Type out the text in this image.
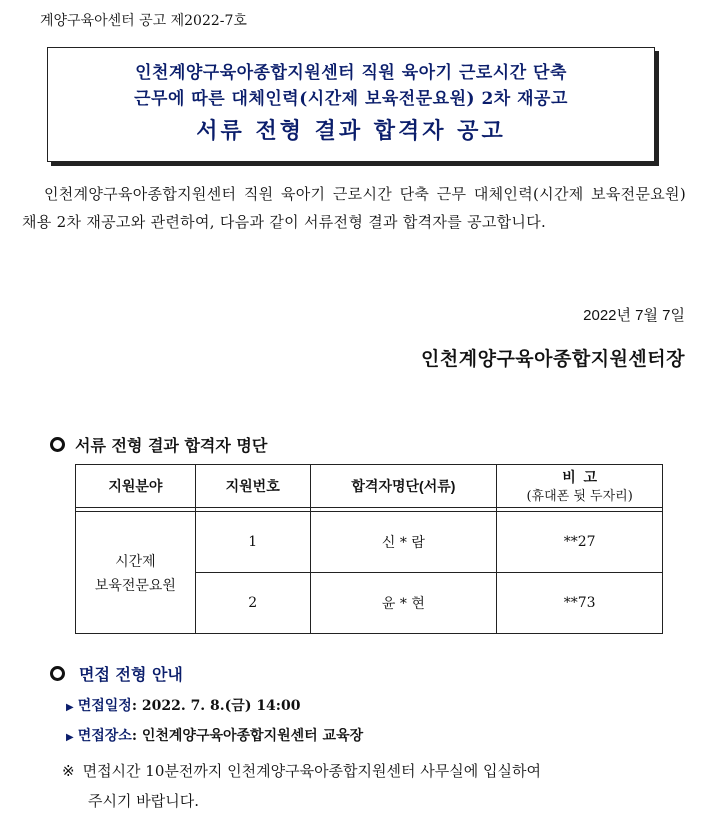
계양구육아센터 공고 제2022-7호
인천계양구육아종합지원센터 직원 육아기 근로시간 단축
근무에 따른 대체인력(시간제 보육전문요원) 2차 재공고
서류 전형 결과 합격자 공고
인천계양구육아종합지원센터 직원 육아기 근로시간 단축 근무 대체인력(시간제 보육전문요원) 채용 2차 재공고와 관련하여, 다음과 같이 서류전형 결과 합격자를 공고합니다.
2022년 7월 7일
인천계양구육아종합지원센터장
서류 전형 결과 합격자 명단
지원분야	지원번호	합격자명단(서류)	비  고
(휴대폰 뒷 두자리)

시간제
보육전문요원	1	신 * 람	**27
	2	윤 * 현	**73
면접 전형 안내
▶ 면접일정: 2022. 7. 8.(금) 14:00
▶ 면접장소: 인천계양구육아종합지원센터 교육장
※ 면접시간 10분전까지 인천계양구육아종합지원센터 사무실에 입실하여
주시기 바랍니다.
